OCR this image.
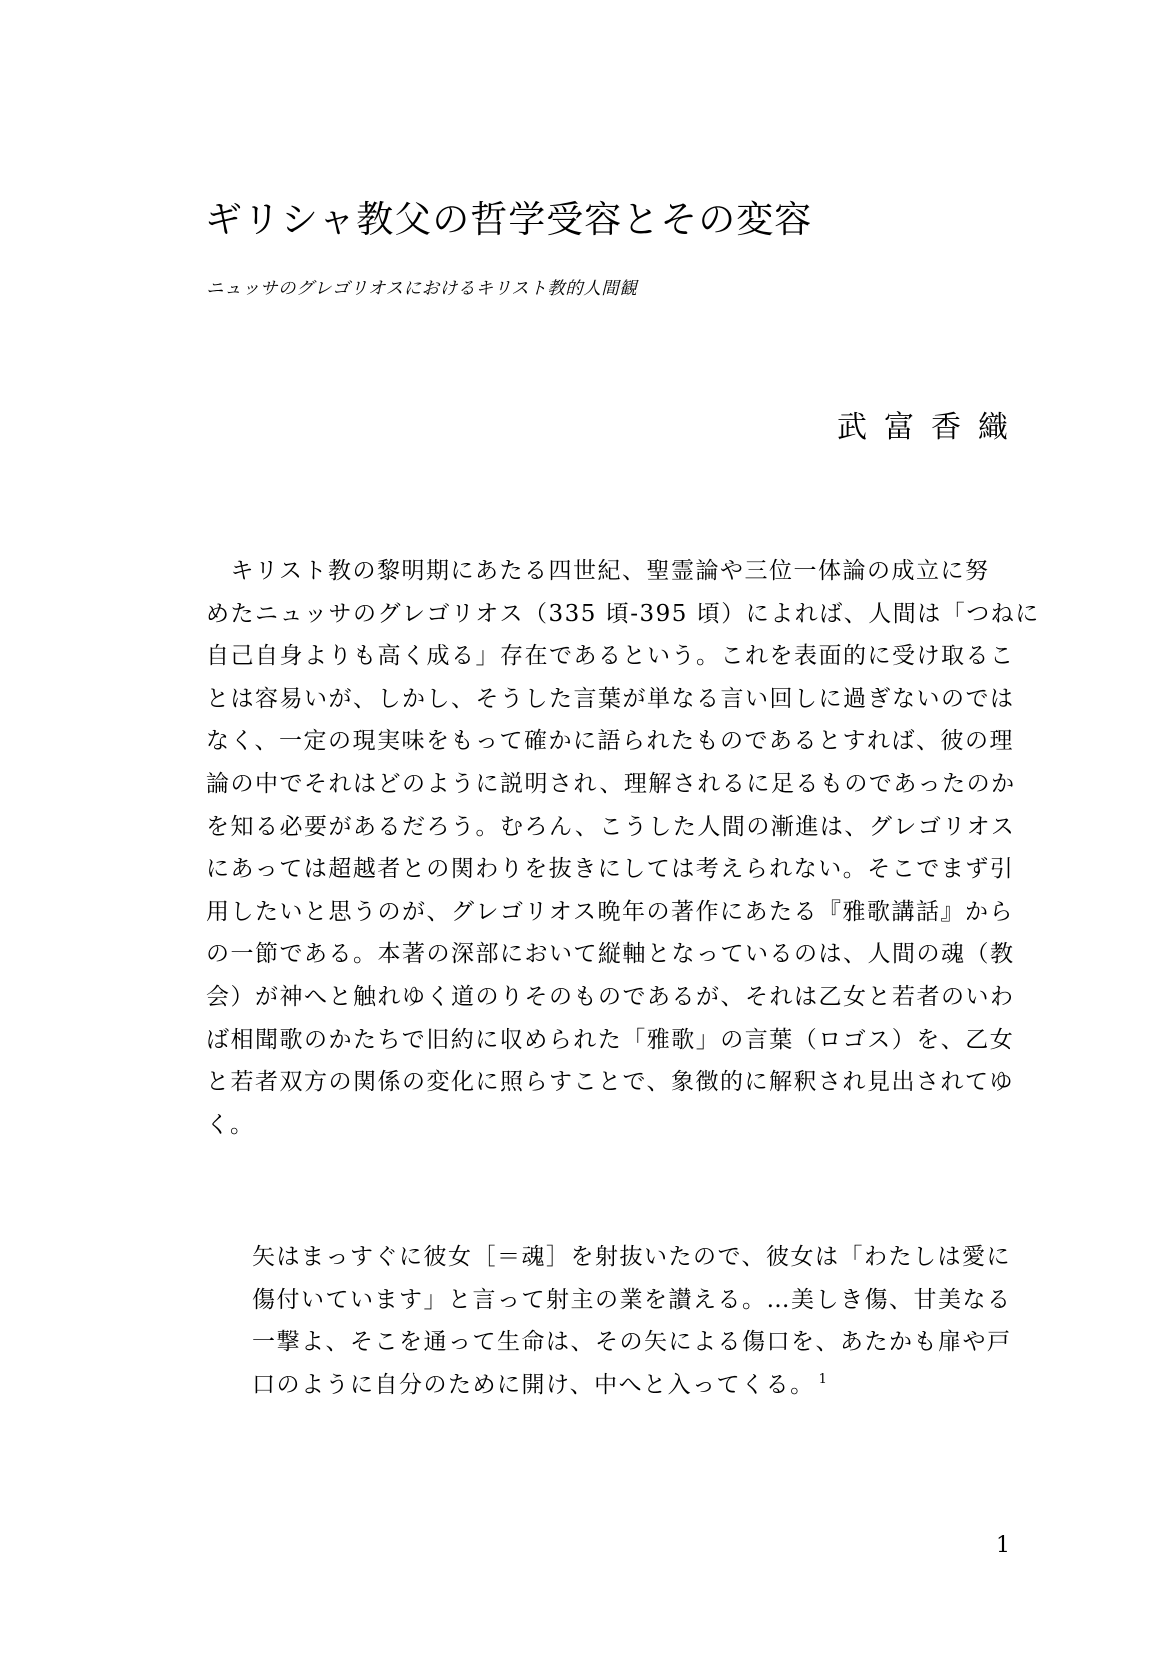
ギリシャ教父の哲学受容とその変容
ニュッサのグレゴリオスにおけるキリスト教的人間観
武富香織
　キリスト教の黎明期にあたる四世紀、聖霊論や三位一体論の成立に努
めたニュッサのグレゴリオス（335 頃-395 頃）によれば、人間は「つねに
自己自身よりも高く成る」存在であるという。これを表面的に受け取るこ
とは容易いが、しかし、そうした言葉が単なる言い回しに過ぎないのでは
なく、一定の現実味をもって確かに語られたものであるとすれば、彼の理
論の中でそれはどのように説明され、理解されるに足るものであったのか
を知る必要があるだろう。むろん、こうした人間の漸進は、グレゴリオス
にあっては超越者との関わりを抜きにしては考えられない。そこでまず引
用したいと思うのが、グレゴリオス晩年の著作にあたる『雅歌講話』から
の一節である。本著の深部において縦軸となっているのは、人間の魂（教
会）が神へと触れゆく道のりそのものであるが、それは乙女と若者のいわ
ば相聞歌のかたちで旧約に収められた「雅歌」の言葉（ロゴス）を、乙女
と若者双方の関係の変化に照らすことで、象徴的に解釈され見出されてゆ
く。
矢はまっすぐに彼女［＝魂］を射抜いたので、彼女は「わたしは愛に
傷付いています」と言って射主の業を讃える。…美しき傷、甘美なる
一撃よ、そこを通って生命は、その矢による傷口を、あたかも扉や戸
口のように自分のために開け、中へと入ってくる。 $^1$
1
